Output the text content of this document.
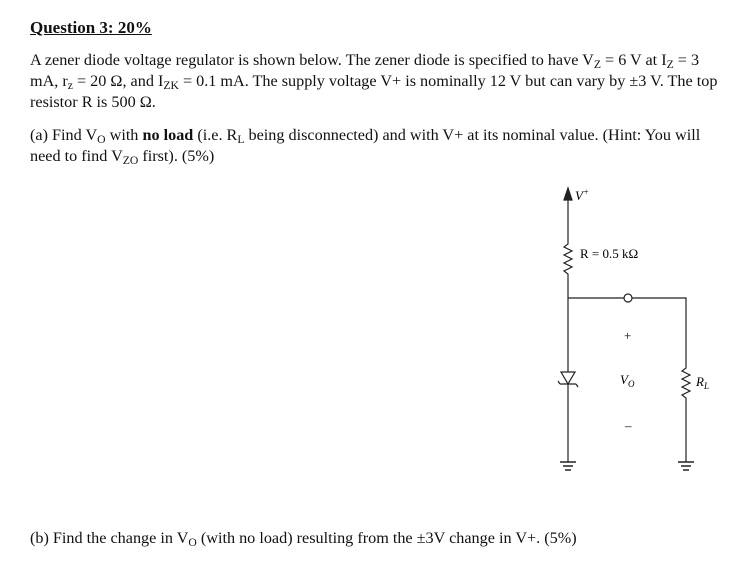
Question 3: 20%
A zener diode voltage regulator is shown below. The zener diode is specified to have $V_Z = 6$ V at $I_Z = 3$ mA, $r_z = 20$ Ω, and $I_{ZK} = 0.1$ mA. The supply voltage V+ is nominally 12 V but can vary by ±3 V. The top resistor R is 500 Ω.
(a) Find $V_O$ with no load (i.e. $R_L$ being disconnected) and with V+ at its nominal value. (Hint: You will need to find $V_{ZO}$ first). (5%)
V+
R = 0.5 kΩ
+
$V_O$
–
$R_L$
(b) Find the change in $V_O$ (with no load) resulting from the ±3V change in V+. (5%)
